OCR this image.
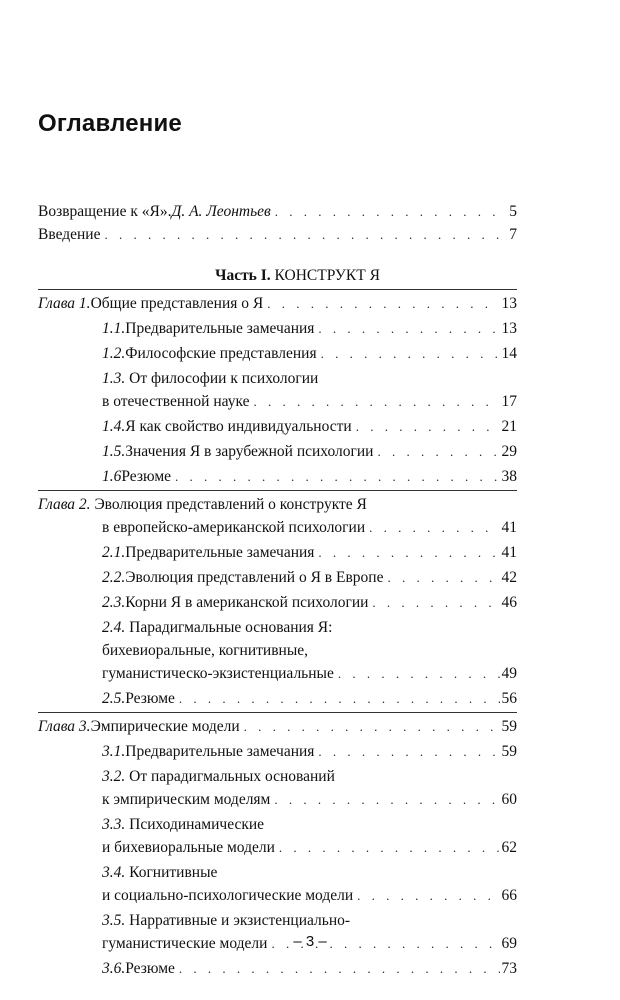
Оглавление
Возвращение к «Я». Д. А. Леонтьев . . .	5
Введение . . .	7
Часть I. КОНСТРУКТ Я
Глава 1. Общие представления о Я . . .	13
1.1. Предварительные замечания . . .	13
1.2. Философские представления . . .	14
1.3. От философии к психологии
в отечественной науке . . .	17
1.4. Я как свойство индивидуальности . . .	21
1.5. Значения Я в зарубежной психологии . . .	29
1.6 Резюме . . .	38
Глава 2. Эволюция представлений о конструкте Я
в европейско-американской психологии . . .	41
2.1. Предварительные замечания . . .	41
2.2. Эволюция представлений о Я в Европе . . .	42
2.3. Корни Я в американской психологии . . .	46
2.4. Парадигмальные основания Я:
бихевиоральные, когнитивные,
гуманистическо-экзистенциальные . . .	49
2.5. Резюме . . .	56
Глава 3. Эмпирические модели . . .	59
3.1. Предварительные замечания . . .	59
3.2. От парадигмальных оснований
к эмпирическим моделям . . .	60
3.3. Психодинамические
и бихевиоральные модели . . .	62
3.4. Когнитивные
и социально-психологические модели . . .	66
3.5. Нарративные и экзистенциально-
гуманистические модели . . .	69
3.6. Резюме . . .	73
– 3 –
